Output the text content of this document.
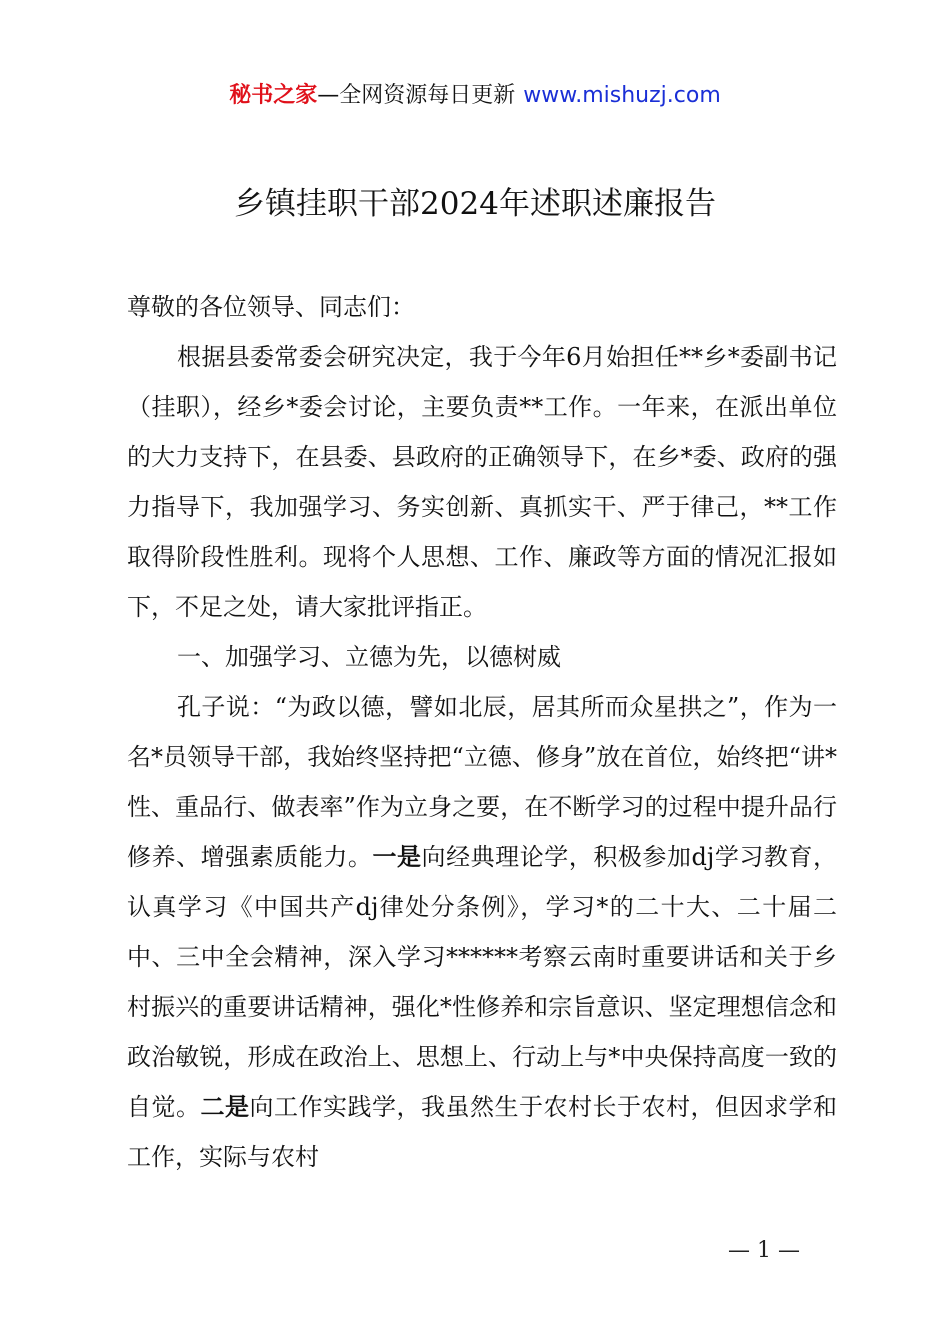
秘书之家—全网资源每日更新 www.mishuzj.com
乡镇挂职干部2024年述职述廉报告

尊敬的各位领导、同志们：

根据县委常委会研究决定，我于今年6月始担任**乡*委副书记（挂职），经乡*委会讨论，主要负责**工作。一年来，在派出单位的大力支持下，在县委、县政府的正确领导下，在乡*委、政府的强力指导下，我加强学习、务实创新、真抓实干、严于律己，**工作取得阶段性胜利。现将个人思想、工作、廉政等方面的情况汇报如下，不足之处，请大家批评指正。

一、加强学习、立德为先，以德树威

孔子说：“为政以德，譬如北辰，居其所而众星拱之”，作为一名*员领导干部，我始终坚持把“立德、修身”放在首位，始终把“讲*性、重品行、做表率”作为立身之要，在不断学习的过程中提升品行修养、增强素质能力。一是向经典理论学，积极参加dj学习教育，认真学习《中国共产dj律处分条例》，学习*的二十大、二十届二中、三中全会精神，深入学习******考察云南时重要讲话和关于乡村振兴的重要讲话精神，强化*性修养和宗旨意识、坚定理想信念和政治敏锐，形成在政治上、思想上、行动上与*中央保持高度一致的自觉。二是向工作实践学，我虽然生于农村长于农村，但因求学和工作，实际与农村

— 1 —
